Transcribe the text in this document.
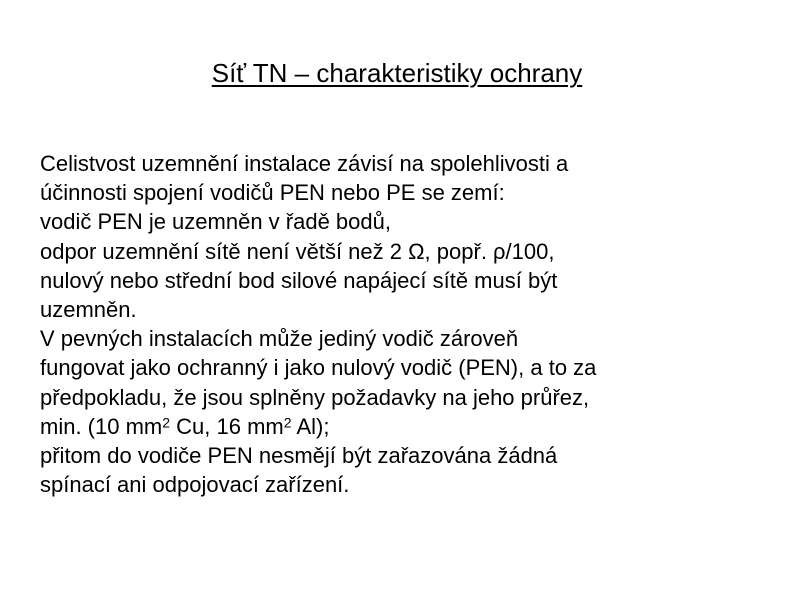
Síť TN – charakteristiky ochrany
Celistvost uzemnění instalace závisí na spolehlivosti a
účinnosti spojení vodičů PEN nebo PE se zemí:
vodič PEN je uzemněn v řadě bodů,
odpor uzemnění sítě není větší než 2 Ω, popř. ρ/100,
nulový nebo střední bod silové napájecí sítě musí být
uzemněn.
V pevných instalacích může jediný vodič zároveň
fungovat jako ochranný i jako nulový vodič (PEN), a to za
předpokladu, že jsou splněny požadavky na jeho průřez,
min. (10 $mm^2$ Cu, 16 $mm^2$ Al);
přitom do vodiče PEN nesmějí být zařazována žádná
spínací ani odpojovací zařízení.
